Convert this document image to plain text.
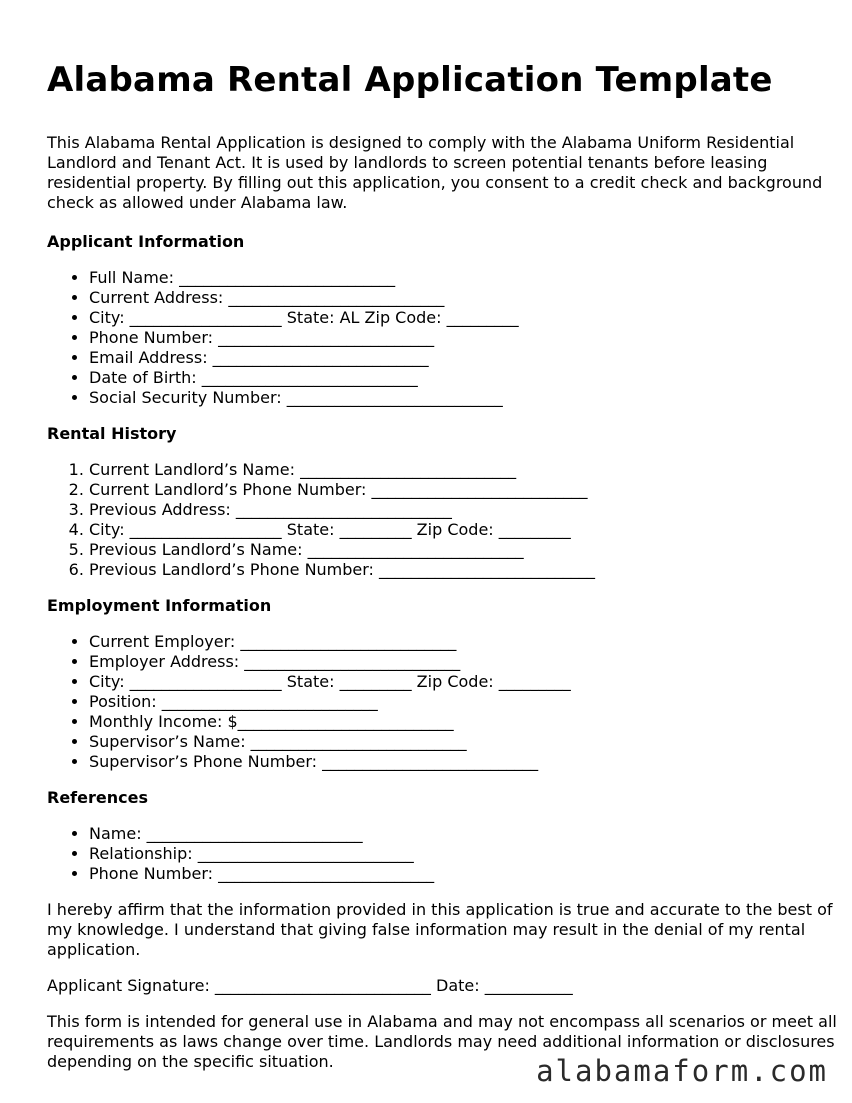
Alabama Rental Application Template

This Alabama Rental Application is designed to comply with the Alabama Uniform Residential Landlord and Tenant Act. It is used by landlords to screen potential tenants before leasing residential property. By filling out this application, you consent to a credit check and background check as allowed under Alabama law.

Applicant Information
• Full Name: ___________________________
• Current Address: ___________________________
• City: ___________________ State: AL Zip Code: _________
• Phone Number: ___________________________
• Email Address: ___________________________
• Date of Birth: ___________________________
• Social Security Number: ___________________________
Rental History
1. Current Landlord’s Name: ___________________________
2. Current Landlord’s Phone Number: ___________________________
3. Previous Address: ___________________________
4. City: ___________________ State: _________ Zip Code: _________
5. Previous Landlord’s Name: ___________________________
6. Previous Landlord’s Phone Number: ___________________________
Employment Information
• Current Employer: ___________________________
• Employer Address: ___________________________
• City: ___________________ State: _________ Zip Code: _________
• Position: ___________________________
• Monthly Income: $___________________________
• Supervisor’s Name: ___________________________
• Supervisor’s Phone Number: ___________________________
References
• Name: ___________________________
• Relationship: ___________________________
• Phone Number: ___________________________

I hereby affirm that the information provided in this application is true and accurate to the best of my knowledge. I understand that giving false information may result in the denial of my rental application.

Applicant Signature: ___________________________ Date: ___________

This form is intended for general use in Alabama and may not encompass all scenarios or meet all requirements as laws change over time. Landlords may need additional information or disclosures depending on the specific situation.	alabamaform.com
